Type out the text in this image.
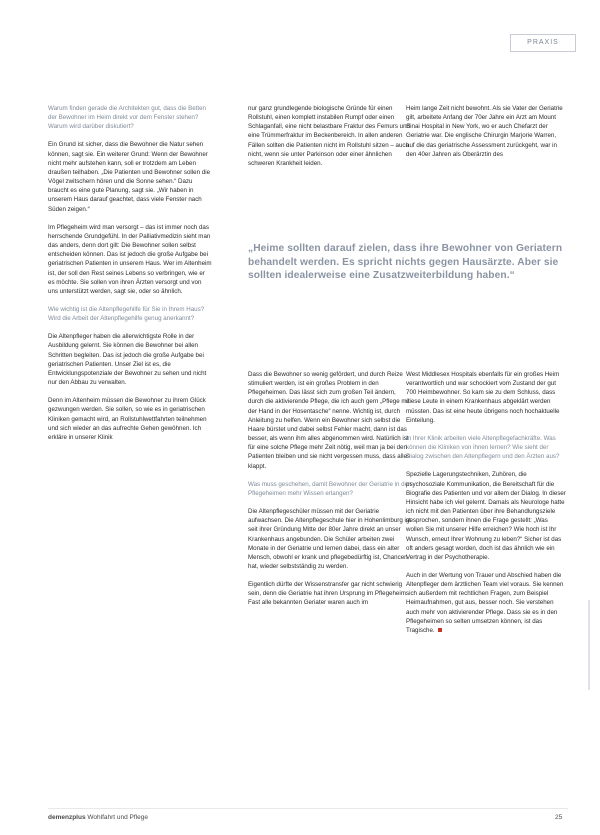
PRAXIS

Warum finden gerade die Architekten gut, dass die Betten der Bewohner im Heim direkt vor dem Fenster stehen? Warum wird darüber diskutiert?

Ein Grund ist sicher, dass die Bewohner die Natur sehen können, sagt sie. Ein weiterer Grund: Wenn der Bewohner nicht mehr aufstehen kann, soll er trotzdem am Leben draußen teilhaben. „Die Patienten und Bewohner sollen die Vögel zwitschern hören und die Sonne sehen.“ Dazu braucht es eine gute Planung, sagt sie. „Wir haben in unserem Haus darauf geachtet, dass viele Fenster nach Süden zeigen.“

Im Pflegeheim wird man versorgt – das ist immer noch das herrschende Grundgefühl. In der Palliativmedizin sieht man das anders, denn dort gilt: Die Bewohner sollen selbst entscheiden können. Das ist jedoch die große Aufgabe bei geriatrischen Patienten in unserem Haus. Wer im Altenheim ist, der soll den Rest seines Lebens so verbringen, wie er es möchte. Sie sollen von ihren Ärzten versorgt und von uns unterstützt werden, sagt sie, oder so ähnlich.

Wie wichtig ist die Altenpflegehilfe für Sie in Ihrem Haus? Wird die Arbeit der Altenpflegehilfe genug anerkannt?

Die Altenpfleger haben die allerwichtigste Rolle in der Ausbildung gelernt. Sie können die Bewohner bei allen Schritten begleiten. Das ist jedoch die große Aufgabe bei geriatrischen Patienten. Unser Ziel ist es, die Entwicklungspotenziale der Bewohner zu sehen und nicht nur den Abbau zu verwalten.

Denn im Altenheim müssen die Bewohner zu ihrem Glück gezwungen werden. Sie sollen, so wie es in geriatrischen Kliniken gemacht wird, an Rollstuhlwettfahrten teilnehmen und sich wieder an das aufrechte Gehen gewöhnen. Ich erkläre in unserer Klinik

nur ganz grundlegende biologische Gründe für einen Rollstuhl, einen komplett instabilen Rumpf oder einen Schlaganfall, eine nicht belastbare Fraktur des Femurs und eine Trümmerfraktur im Beckenbereich. In allen anderen Fällen sollten die Patienten nicht im Rollstuhl sitzen – auch nicht, wenn sie unter Parkinson oder einer ähnlichen schweren Krankheit leiden.

Heim lange Zeit nicht bewohnt. Als sie Vater der Geriatrie gilt, arbeitete Anfang der 70er Jahre ein Arzt am Mount Sinai Hospital in New York, wo er auch Chefarzt der Geriatrie war. Die englische Chirurgin Marjorie Warren, auf die das geriatrische Assessment zurückgeht, war in den 40er Jahren als Oberärztin des

„Heime sollten darauf zielen, dass ihre Bewohner von Geriatern behandelt werden. Es spricht nichts gegen Hausärzte. Aber sie sollten idealerweise eine Zusatzweiterbildung haben.“

Dass die Bewohner so wenig gefördert, und durch Reize stimuliert werden, ist ein großes Problem in den Pflegeheimen. Das lässt sich zum großen Teil ändern, durch die aktivierende Pflege, die ich auch gern „Pflege mit der Hand in der Hosentasche“ nenne. Wichtig ist, durch Anleitung zu helfen. Wenn ein Bewohner sich selbst die Haare bürstet und dabei selbst Fehler macht, dann ist das besser, als wenn ihm alles abgenommen wird. Natürlich ist für eine solche Pflege mehr Zeit nötig, weil man ja bei den Patienten bleiben und sie nicht vergessen muss, dass alles klappt.

Was muss geschehen, damit Bewohner der Geriatrie in den Pflegeheimen mehr Wissen erlangen?

Die Altenpflegeschüler müssen mit der Geriatrie aufwachsen. Die Altenpflegeschule hier in Hohenlimburg ist seit ihrer Gründung Mitte der 80er Jahre direkt an unser Krankenhaus angebunden. Die Schüler arbeiten zwei Monate in der Geriatrie und lernen dabei, dass ein alter Mensch, obwohl er krank und pflegebedürftig ist, Chancen hat, wieder selbstständig zu werden.

Eigentlich dürfte der Wissenstransfer gar nicht schwierig sein, denn die Geriatrie hat ihren Ursprung im Pflegeheim. Fast alle bekannten Geriater waren auch im

West Middlesex Hospitals ebenfalls für ein großes Heim verantwortlich und war schockiert vom Zustand der gut 700 Heimbewohner. So kam sie zu dem Schluss, dass diese Leute in einem Krankenhaus abgeklärt werden müssten. Das ist eine heute übrigens noch hochaktuelle Einteilung.

In Ihrer Klinik arbeiten viele Altenpflegefachkräfte. Was können die Kliniken von ihnen lernen? Wie sieht der Dialog zwischen den Altenpflegern und den Ärzten aus?

Spezielle Lagerungstechniken, Zuhören, die psychosoziale Kommunikation, die Bereitschaft für die Biografie des Patienten und vor allem der Dialog. In dieser Hinsicht habe ich viel gelernt. Damals als Neurologe hatte ich nicht mit den Patienten über ihre Behandlungsziele gesprochen, sondern ihnen die Frage gestellt: „Was wollen Sie mit unserer Hilfe erreichen? Wie hoch ist Ihr Wunsch, erneut Ihrer Wohnung zu leben?“ Sicher ist das oft anders gesagt worden, doch ist das ähnlich wie ein Vertrag in der Psychotherapie.

Auch in der Wertung von Trauer und Abschied haben die Altenpfleger dem ärztlichen Team viel voraus. Sie kennen sich außerdem mit rechtlichen Fragen, zum Beispiel Heimaufnahmen, gut aus, besser noch. Sie verstehen auch mehr von aktivierender Pflege. Dass sie es in den Pflegeheimen so selten umsetzen können, ist das Tragische.

demenzplus Wohlfahrt und Pflege	25
